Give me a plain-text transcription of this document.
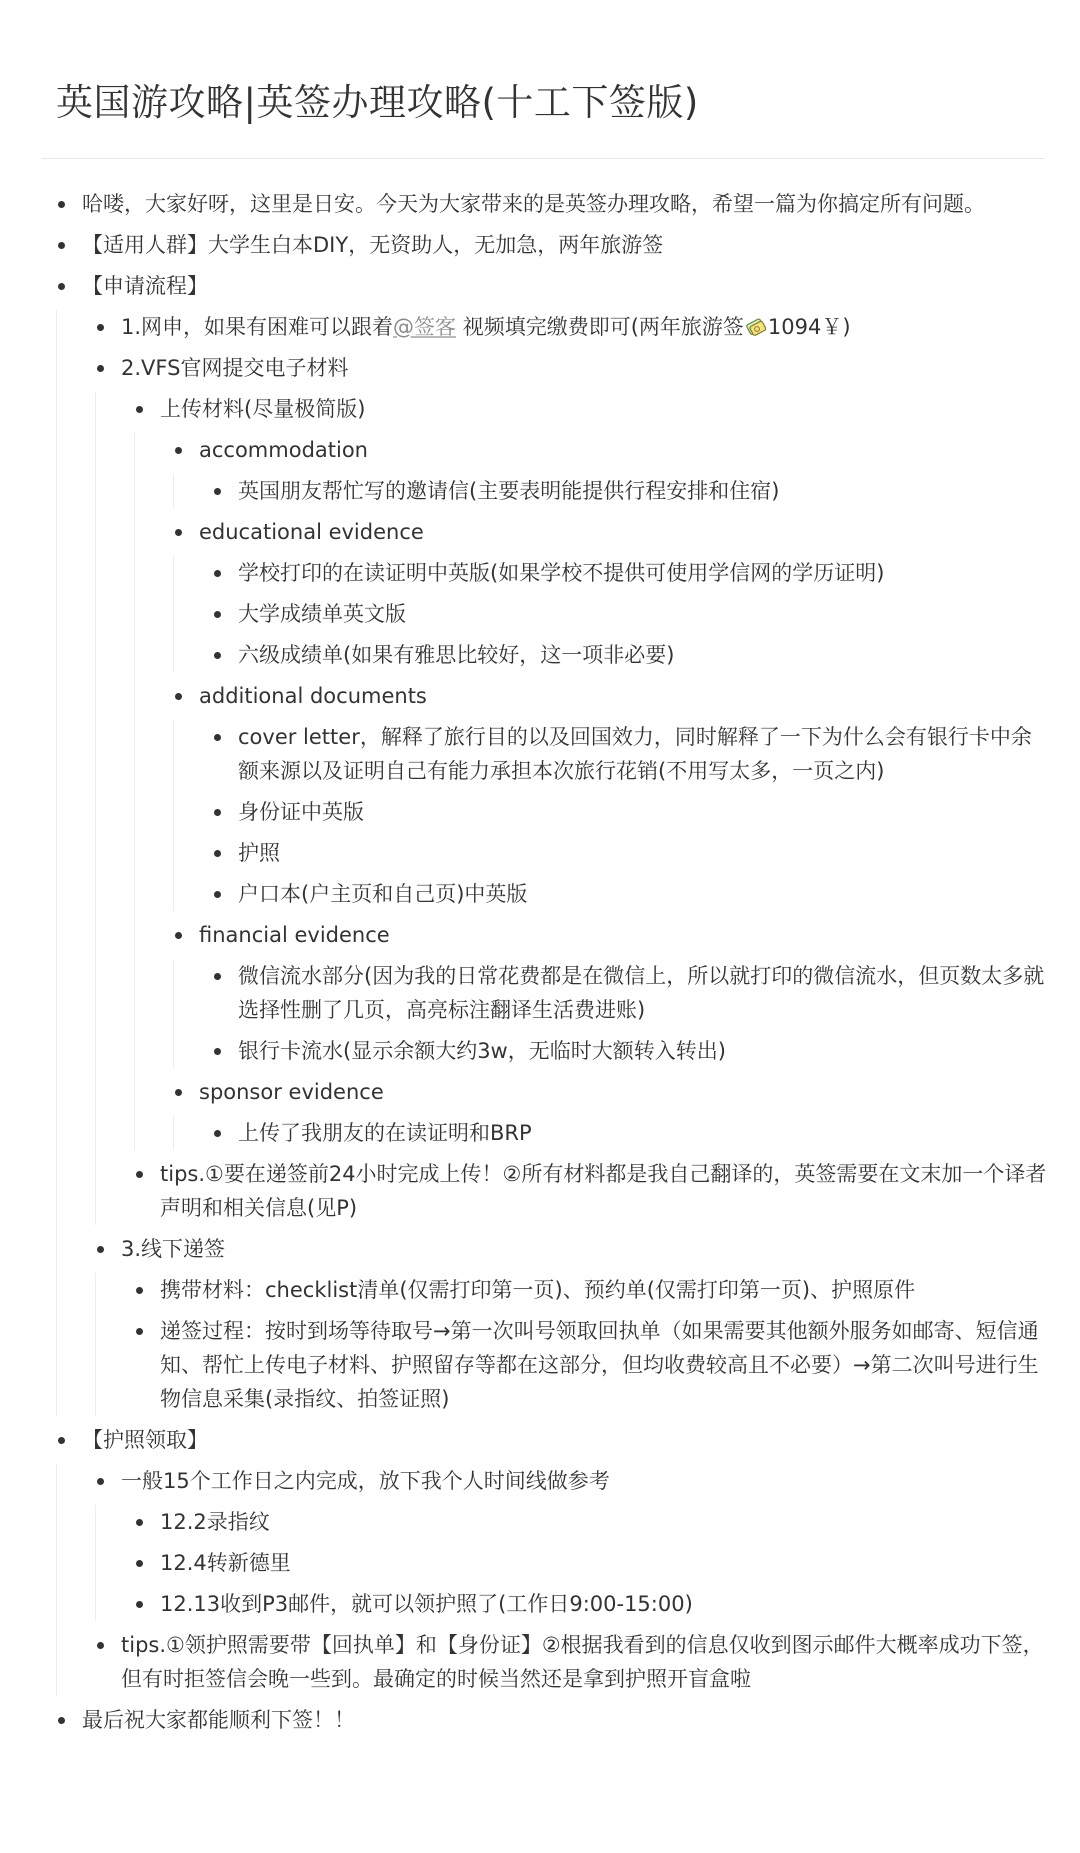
英国游攻略|英签办理攻略(十工下签版)
哈喽，大家好呀，这里是日安。今天为大家带来的是英签办理攻略，希望一篇为你搞定所有问题。
【适用人群】大学生白本DIY，无资助人，无加急，两年旅游签
【申请流程】
1.网申，如果有困难可以跟着@签客 视频填完缴费即可(两年旅游签 1094￥)
2.VFS官网提交电子材料
上传材料(尽量极简版)
accommodation
英国朋友帮忙写的邀请信(主要表明能提供行程安排和住宿)
educational evidence
学校打印的在读证明中英版(如果学校不提供可使用学信网的学历证明)
大学成绩单英文版
六级成绩单(如果有雅思比较好，这一项非必要)
additional documents
cover letter，解释了旅行目的以及回国效力，同时解释了一下为什么会有银行卡中余额来源以及证明自己有能力承担本次旅行花销(不用写太多，一页之内)
身份证中英版
护照
户口本(户主页和自己页)中英版
financial evidence
微信流水部分(因为我的日常花费都是在微信上，所以就打印的微信流水，但页数太多就选择性删了几页，高亮标注翻译生活费进账)
银行卡流水(显示余额大约3w，无临时大额转入转出)
sponsor evidence
上传了我朋友的在读证明和BRP
tips.①要在递签前24小时完成上传！②所有材料都是我自己翻译的，英签需要在文末加一个译者声明和相关信息(见P)
3.线下递签
携带材料：checklist清单(仅需打印第一页)、预约单(仅需打印第一页)、护照原件
递签过程：按时到场等待取号→第一次叫号领取回执单（如果需要其他额外服务如邮寄、短信通知、帮忙上传电子材料、护照留存等都在这部分，但均收费较高且不必要）→第二次叫号进行生物信息采集(录指纹、拍签证照)
【护照领取】
一般15个工作日之内完成，放下我个人时间线做参考
12.2录指纹
12.4转新德里
12.13收到P3邮件，就可以领护照了(工作日9:00-15:00)
tips.①领护照需要带【回执单】和【身份证】②根据我看到的信息仅收到图示邮件大概率成功下签，但有时拒签信会晚一些到。最确定的时候当然还是拿到护照开盲盒啦
最后祝大家都能顺利下签！！
